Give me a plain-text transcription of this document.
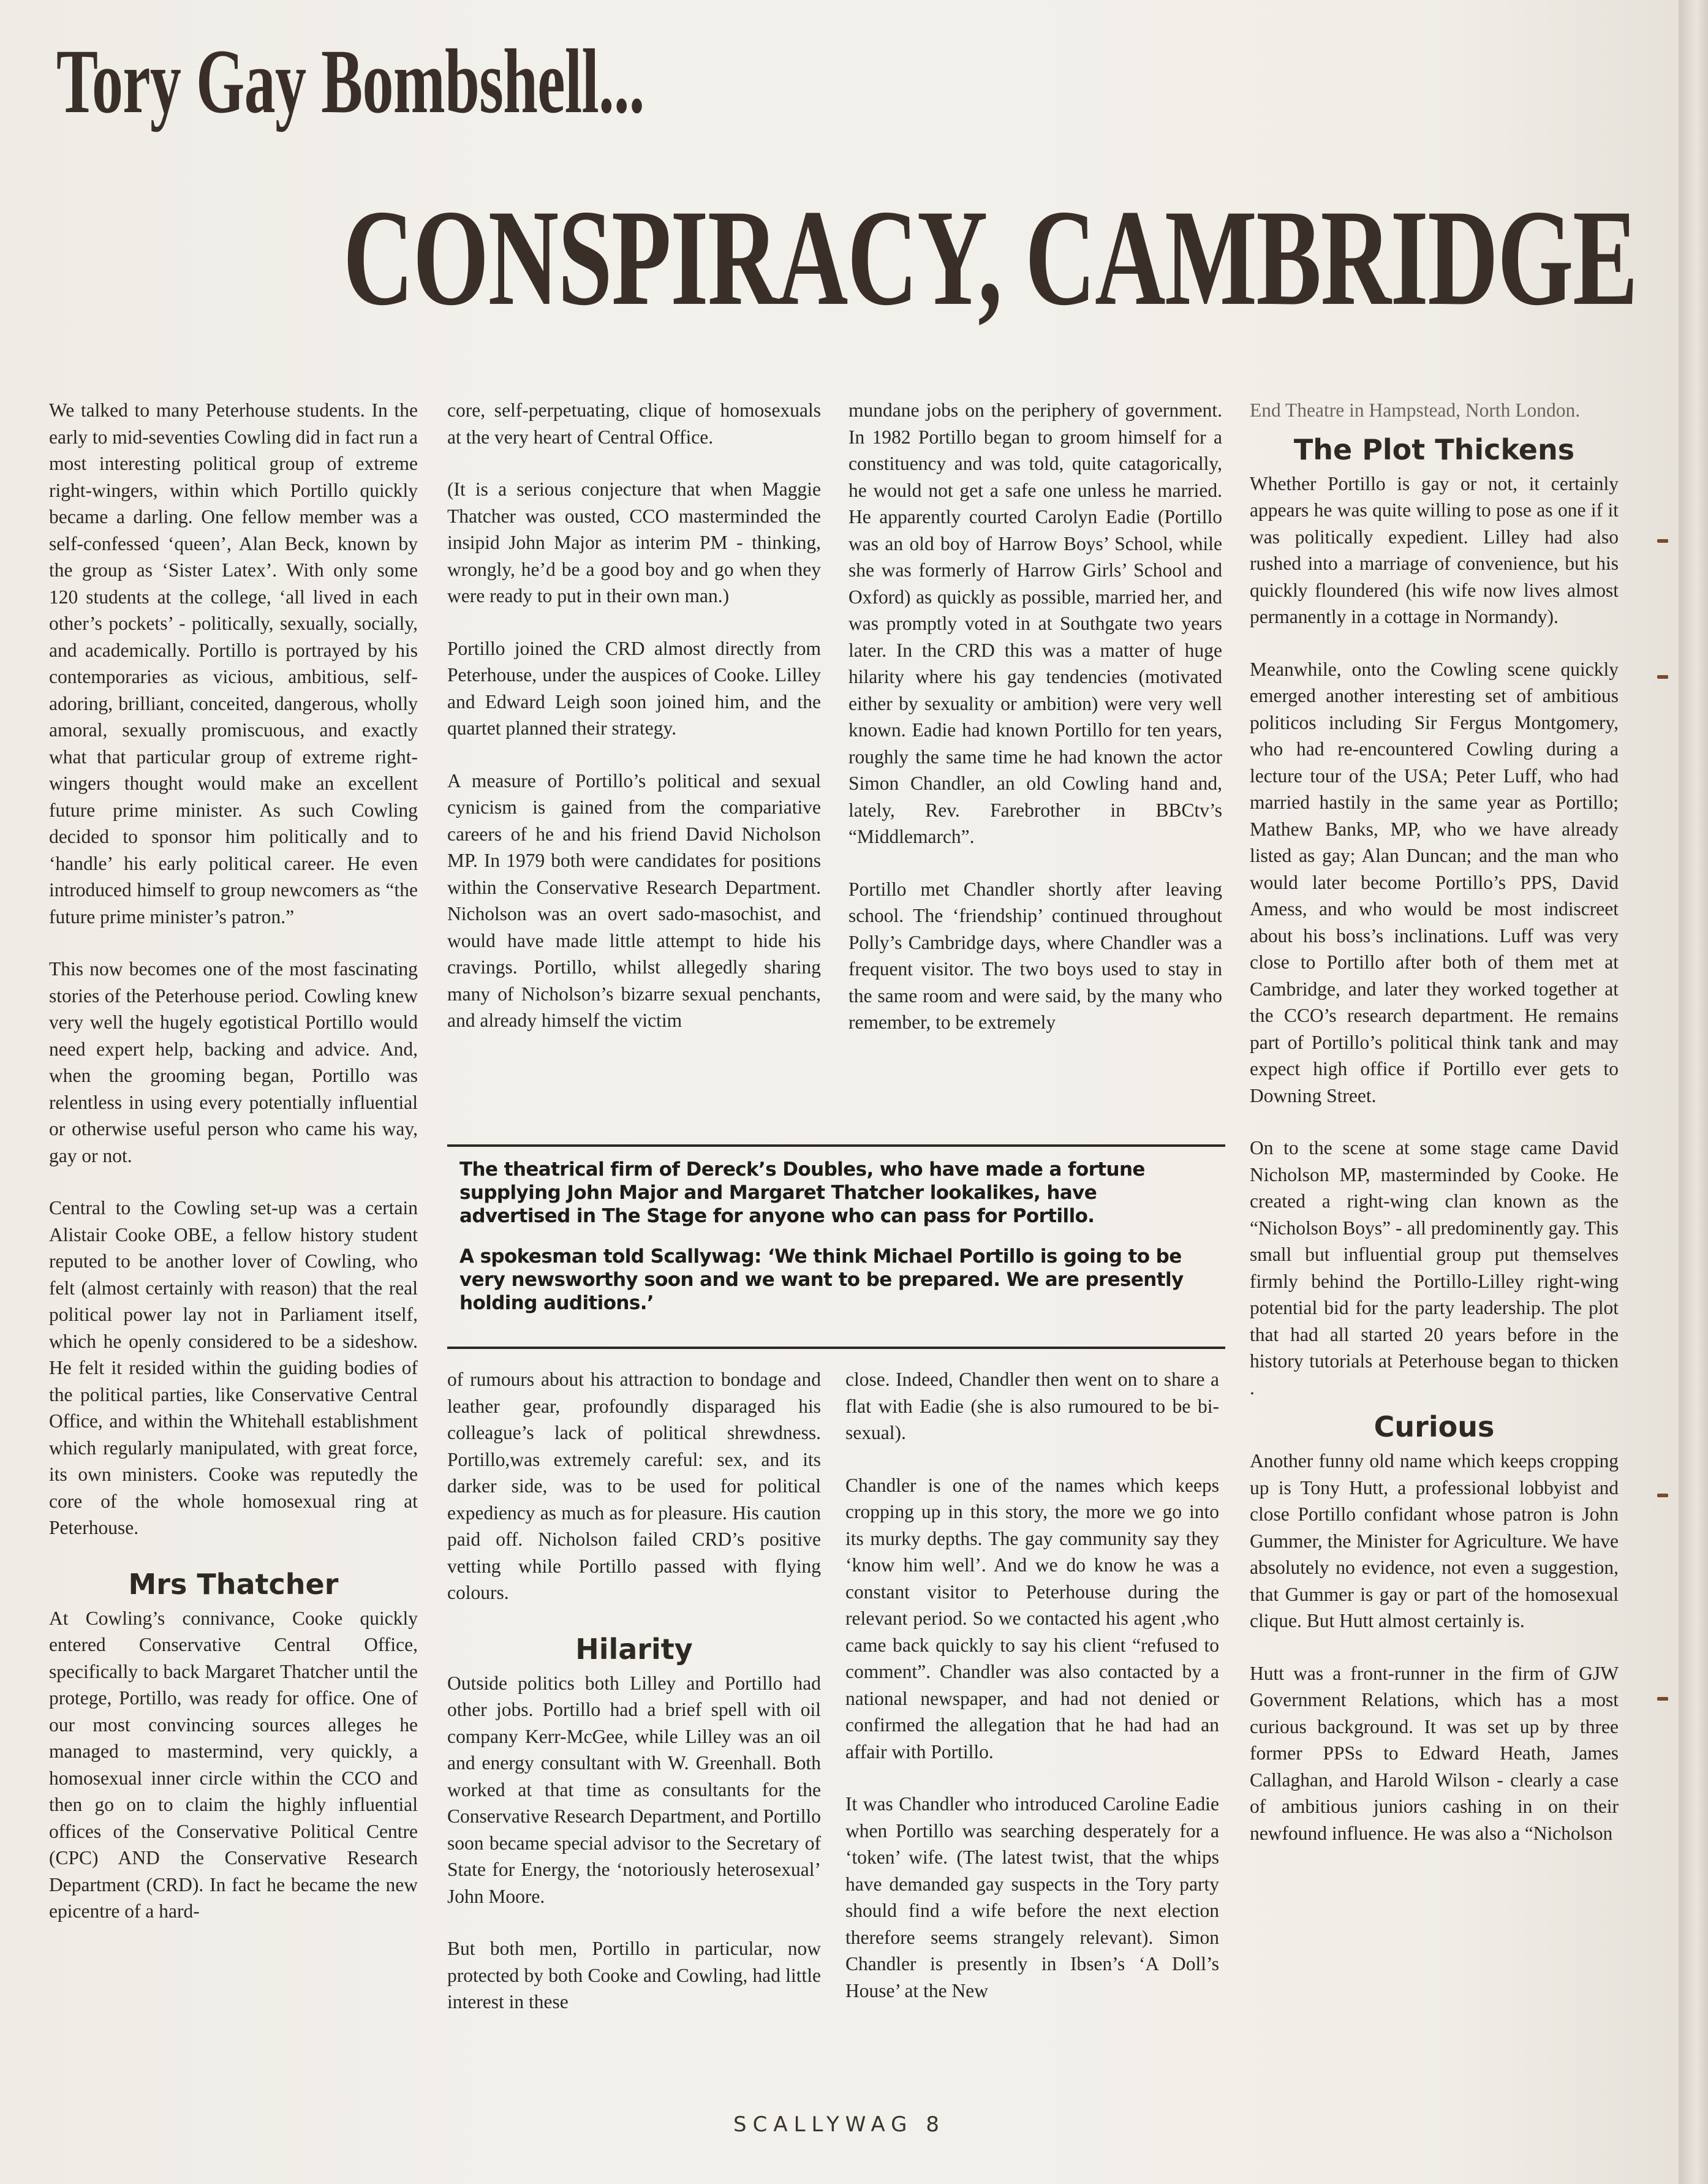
Tory Gay Bombshell...
CONSPIRACY, CAMBRIDGE

We talked to many Peterhouse students. In the early to mid-seventies Cowling did in fact run a most interesting political group of extreme right-wingers, within which Portillo quickly became a darling. One fellow member was a self-confessed ‘queen’, Alan Beck, known by the group as ‘Sister Latex’. With only some 120 students at the college, ‘all lived in each other’s pockets’ - politically, sexually, socially, and academically. Portillo is portrayed by his contemporaries as vicious, ambitious, self-adoring, brilliant, conceited, dangerous, wholly amoral, sexually promiscuous, and exactly what that particular group of extreme right-wingers thought would make an excellent future prime minister. As such Cowling decided to sponsor him politically and to ‘handle’ his early political career. He even introduced himself to group newcomers as “the future prime minister’s patron.”

This now becomes one of the most fascinating stories of the Peterhouse period. Cowling knew very well the hugely egotistical Portillo would need expert help, backing and advice. And, when the grooming began, Portillo was relentless in using every potentially influential or otherwise useful person who came his way, gay or not.

Central to the Cowling set-up was a certain Alistair Cooke OBE, a fellow history student reputed to be another lover of Cowling, who felt (almost certainly with reason) that the real political power lay not in Parliament itself, which he openly considered to be a sideshow. He felt it resided within the guiding bodies of the political parties, like Conservative Central Office, and within the Whitehall establishment which regularly manipulated, with great force, its own ministers. Cooke was reputedly the core of the whole homosexual ring at Peterhouse.

Mrs Thatcher

At Cowling’s connivance, Cooke quickly entered Conservative Central Office, specifically to back Margaret Thatcher until the protege, Portillo, was ready for office. One of our most convincing sources alleges he managed to mastermind, very quickly, a homosexual inner circle within the CCO and then go on to claim the highly influential offices of the Conservative Political Centre (CPC) AND the Conservative Research Department (CRD). In fact he became the new epicentre of a hard-

core, self-perpetuating, clique of homosexuals at the very heart of Central Office.

(It is a serious conjecture that when Maggie Thatcher was ousted, CCO masterminded the insipid John Major as interim PM - thinking, wrongly, he’d be a good boy and go when they were ready to put in their own man.)

Portillo joined the CRD almost directly from Peterhouse, under the auspices of Cooke. Lilley and Edward Leigh soon joined him, and the quartet planned their strategy.

A measure of Portillo’s political and sexual cynicism is gained from the compariative careers of he and his friend David Nicholson MP. In 1979 both were candidates for positions within the Conservative Research Department. Nicholson was an overt sado-masochist, and would have made little attempt to hide his cravings. Portillo, whilst allegedly sharing many of Nicholson’s bizarre sexual penchants, and already himself the victim

mundane jobs on the periphery of government. In 1982 Portillo began to groom himself for a constituency and was told, quite catagorically, he would not get a safe one unless he married. He apparently courted Carolyn Eadie (Portillo was an old boy of Harrow Boys’ School, while she was formerly of Harrow Girls’ School and Oxford) as quickly as possible, married her, and was promptly voted in at Southgate two years later. In the CRD this was a matter of huge hilarity where his gay tendencies (motivated either by sexuality or ambition) were very well known. Eadie had known Portillo for ten years, roughly the same time he had known the actor Simon Chandler, an old Cowling hand and, lately, Rev. Farebrother in BBCtv’s “Middlemarch”.

Portillo met Chandler shortly after leaving school. The ‘friendship’ continued throughout Polly’s Cambridge days, where Chandler was a frequent visitor. The two boys used to stay in the same room and were said, by the many who remember, to be extremely

The theatrical firm of Dereck’s Doubles, who have made a fortune supplying John Major and Margaret Thatcher lookalikes, have advertised in The Stage for anyone who can pass for Portillo.

A spokesman told Scallywag: ‘We think Michael Portillo is going to be very newsworthy soon and we want to be prepared. We are presently holding auditions.’

of rumours about his attraction to bondage and leather gear, profoundly disparaged his colleague’s lack of political shrewdness. Portillo,was extremely careful: sex, and its darker side, was to be used for political expediency as much as for pleasure. His caution paid off. Nicholson failed CRD’s positive vetting while Portillo passed with flying colours.

Hilarity

Outside politics both Lilley and Portillo had other jobs. Portillo had a brief spell with oil company Kerr-McGee, while Lilley was an oil and energy consultant with W. Greenhall. Both worked at that time as consultants for the Conservative Research Department, and Portillo soon became special advisor to the Secretary of State for Energy, the ‘notoriously heterosexual’ John Moore.

But both men, Portillo in particular, now protected by both Cooke and Cowling, had little interest in these

close. Indeed, Chandler then went on to share a flat with Eadie (she is also rumoured to be bi-sexual).

Chandler is one of the names which keeps cropping up in this story, the more we go into its murky depths. The gay community say they ‘know him well’. And we do know he was a constant visitor to Peterhouse during the relevant period. So we contacted his agent ,who came back quickly to say his client “refused to comment”. Chandler was also contacted by a national newspaper, and had not denied or confirmed the allegation that he had had an affair with Portillo.

It was Chandler who introduced Caroline Eadie when Portillo was searching desperately for a ‘token’ wife. (The latest twist, that the whips have demanded gay suspects in the Tory party should find a wife before the next election therefore seems strangely relevant). Simon Chandler is presently in Ibsen’s ‘A Doll’s House’ at the New

End Theatre in Hampstead, North London.

The Plot Thickens

Whether Portillo is gay or not, it certainly appears he was quite willing to pose as one if it was politically expedient. Lilley had also rushed into a marriage of convenience, but his quickly floundered (his wife now lives almost permanently in a cottage in Normandy).

Meanwhile, onto the Cowling scene quickly emerged another interesting set of ambitious politicos including Sir Fergus Montgomery, who had re-encountered Cowling during a lecture tour of the USA; Peter Luff, who had married hastily in the same year as Portillo; Mathew Banks, MP, who we have already listed as gay; Alan Duncan; and the man who would later become Portillo’s PPS, David Amess, and who would be most indiscreet about his boss’s inclinations. Luff was very close to Portillo after both of them met at Cambridge, and later they worked together at the CCO’s research department. He remains part of Portillo’s political think tank and may expect high office if Portillo ever gets to Downing Street.

On to the scene at some stage came David Nicholson MP, masterminded by Cooke. He created a right-wing clan known as the “Nicholson Boys” - all predominently gay. This small but influential group put themselves firmly behind the Portillo-Lilley right-wing potential bid for the party leadership. The plot that had all started 20 years before in the history tutorials at Peterhouse began to thicken .

Curious

Another funny old name which keeps cropping up is Tony Hutt, a professional lobbyist and close Portillo confidant whose patron is John Gummer, the Minister for Agriculture. We have absolutely no evidence, not even a suggestion, that Gummer is gay or part of the homosexual clique. But Hutt almost certainly is.

Hutt was a front-runner in the firm of GJW Government Relations, which has a most curious background. It was set up by three former PPSs to Edward Heath, James Callaghan, and Harold Wilson - clearly a case of ambitious juniors cashing in on their newfound influence. He was also a “Nicholson

SCALLYWAG 8
